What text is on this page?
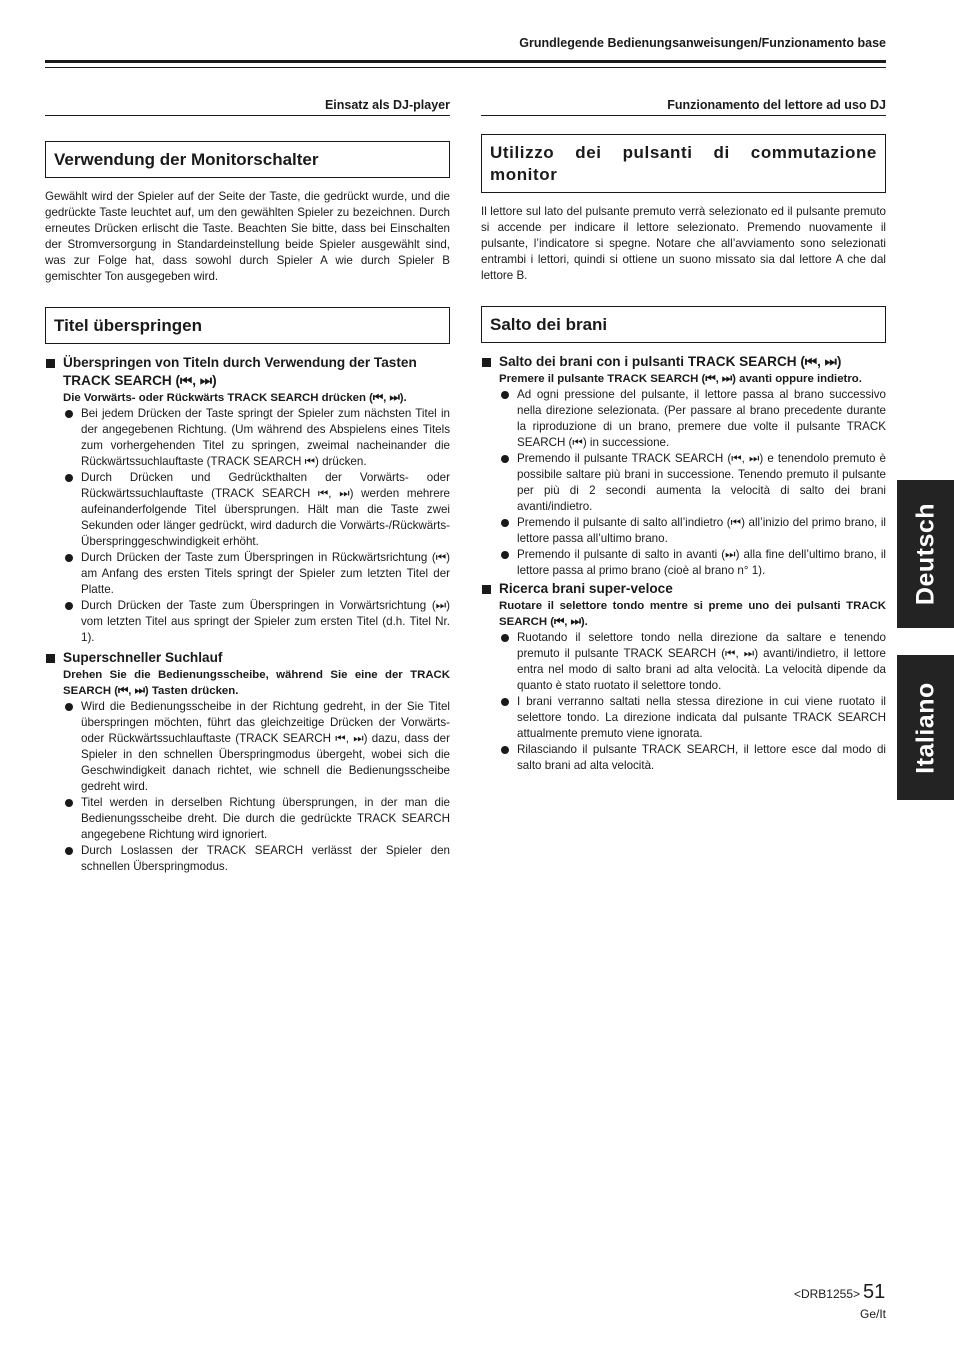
Grundlegende Bedienungsanweisungen/Funzionamento base
Einsatz als DJ-player
Verwendung der Monitorschalter

Gewählt wird der Spieler auf der Seite der Taste, die gedrückt wurde, und die gedrückte Taste leuchtet auf, um den gewählten Spieler zu bezeichnen. Durch erneutes Drücken erlischt die Taste. Beachten Sie bitte, dass bei Einschalten der Stromversorgung in Standardeinstellung beide Spieler ausgewählt sind, was zur Folge hat, dass sowohl durch Spieler A wie durch Spieler B gemischter Ton ausgegeben wird.

Titel überspringen
Überspringen von Titeln durch Verwendung der Tasten TRACK SEARCH (⏮, ⏭)
Die Vorwärts- oder Rückwärts TRACK SEARCH drücken (⏮, ⏭).
Bei jedem Drücken der Taste springt der Spieler zum nächsten Titel in der angegebenen Richtung. (Um während des Abspielens eines Titels zum vorhergehenden Titel zu springen, zweimal nacheinander die Rückwärtssuchlauftaste (TRACK SEARCH ⏮) drücken.
Durch Drücken und Gedrückthalten der Vorwärts- oder Rückwärtssuchlauftaste (TRACK SEARCH ⏮, ⏭) werden mehrere aufeinanderfolgende Titel übersprungen. Hält man die Taste zwei Sekunden oder länger gedrückt, wird dadurch die Vorwärts-/Rückwärts-Überspringgeschwindigkeit erhöht.
Durch Drücken der Taste zum Überspringen in Rückwärtsrichtung (⏮) am Anfang des ersten Titels springt der Spieler zum letzten Titel der Platte.
Durch Drücken der Taste zum Überspringen in Vorwärtsrichtung (⏭) vom letzten Titel aus springt der Spieler zum ersten Titel (d.h. Titel Nr. 1).
Superschneller Suchlauf
Drehen Sie die Bedienungsscheibe, während Sie eine der TRACK SEARCH (⏮, ⏭) Tasten drücken.
Wird die Bedienungsscheibe in der Richtung gedreht, in der Sie Titel überspringen möchten, führt das gleichzeitige Drücken der Vorwärts- oder Rückwärtssuchlauftaste (TRACK SEARCH ⏮, ⏭) dazu, dass der Spieler in den schnellen Überspringmodus übergeht, wobei sich die Geschwindigkeit danach richtet, wie schnell die Bedienungsscheibe gedreht wird.
Titel werden in derselben Richtung übersprungen, in der man die Bedienungsscheibe dreht. Die durch die gedrückte TRACK SEARCH angegebene Richtung wird ignoriert.
Durch Loslassen der TRACK SEARCH verlässt der Spieler den schnellen Überspringmodus.
Funzionamento del lettore ad uso DJ
Utilizzo dei pulsanti di commutazione monitor

Il lettore sul lato del pulsante premuto verrà selezionato ed il pulsante premuto si accende per indicare il lettore selezionato. Premendo nuovamente il pulsante, l’indicatore si spegne. Notare che all’avviamento sono selezionati entrambi i lettori, quindi si ottiene un suono missato sia dal lettore A che dal lettore B.

Salto dei brani
Salto dei brani con i pulsanti TRACK SEARCH (⏮, ⏭)
Premere il pulsante TRACK SEARCH (⏮, ⏭) avanti oppure indietro.
Ad ogni pressione del pulsante, il lettore passa al brano successivo nella direzione selezionata. (Per passare al brano precedente durante la riproduzione di un brano, premere due volte il pulsante TRACK SEARCH (⏮) in successione.
Premendo il pulsante TRACK SEARCH (⏮, ⏭) e tenendolo premuto è possibile saltare più brani in successione. Tenendo premuto il pulsante per più di 2 secondi aumenta la velocità di salto dei brani avanti/indietro.
Premendo il pulsante di salto all’indietro (⏮) all’inizio del primo brano, il lettore passa all’ultimo brano.
Premendo il pulsante di salto in avanti (⏭) alla fine dell’ultimo brano, il lettore passa al primo brano (cioè al brano n° 1).
Ricerca brani super-veloce
Ruotare il selettore tondo mentre si preme uno dei pulsanti TRACK SEARCH (⏮, ⏭).
Ruotando il selettore tondo nella direzione da saltare e tenendo premuto il pulsante TRACK SEARCH (⏮, ⏭) avanti/indietro, il lettore entra nel modo di salto brani ad alta velocità. La velocità dipende da quanto è stato ruotato il selettore tondo.
I brani verranno saltati nella stessa direzione in cui viene ruotato il selettore tondo. La direzione indicata dal pulsante TRACK SEARCH attualmente premuto viene ignorata.
Rilasciando il pulsante TRACK SEARCH, il lettore esce dal modo di salto brani ad alta velocità.
Deutsch
Italiano
<DRB1255> 51
Ge/It
